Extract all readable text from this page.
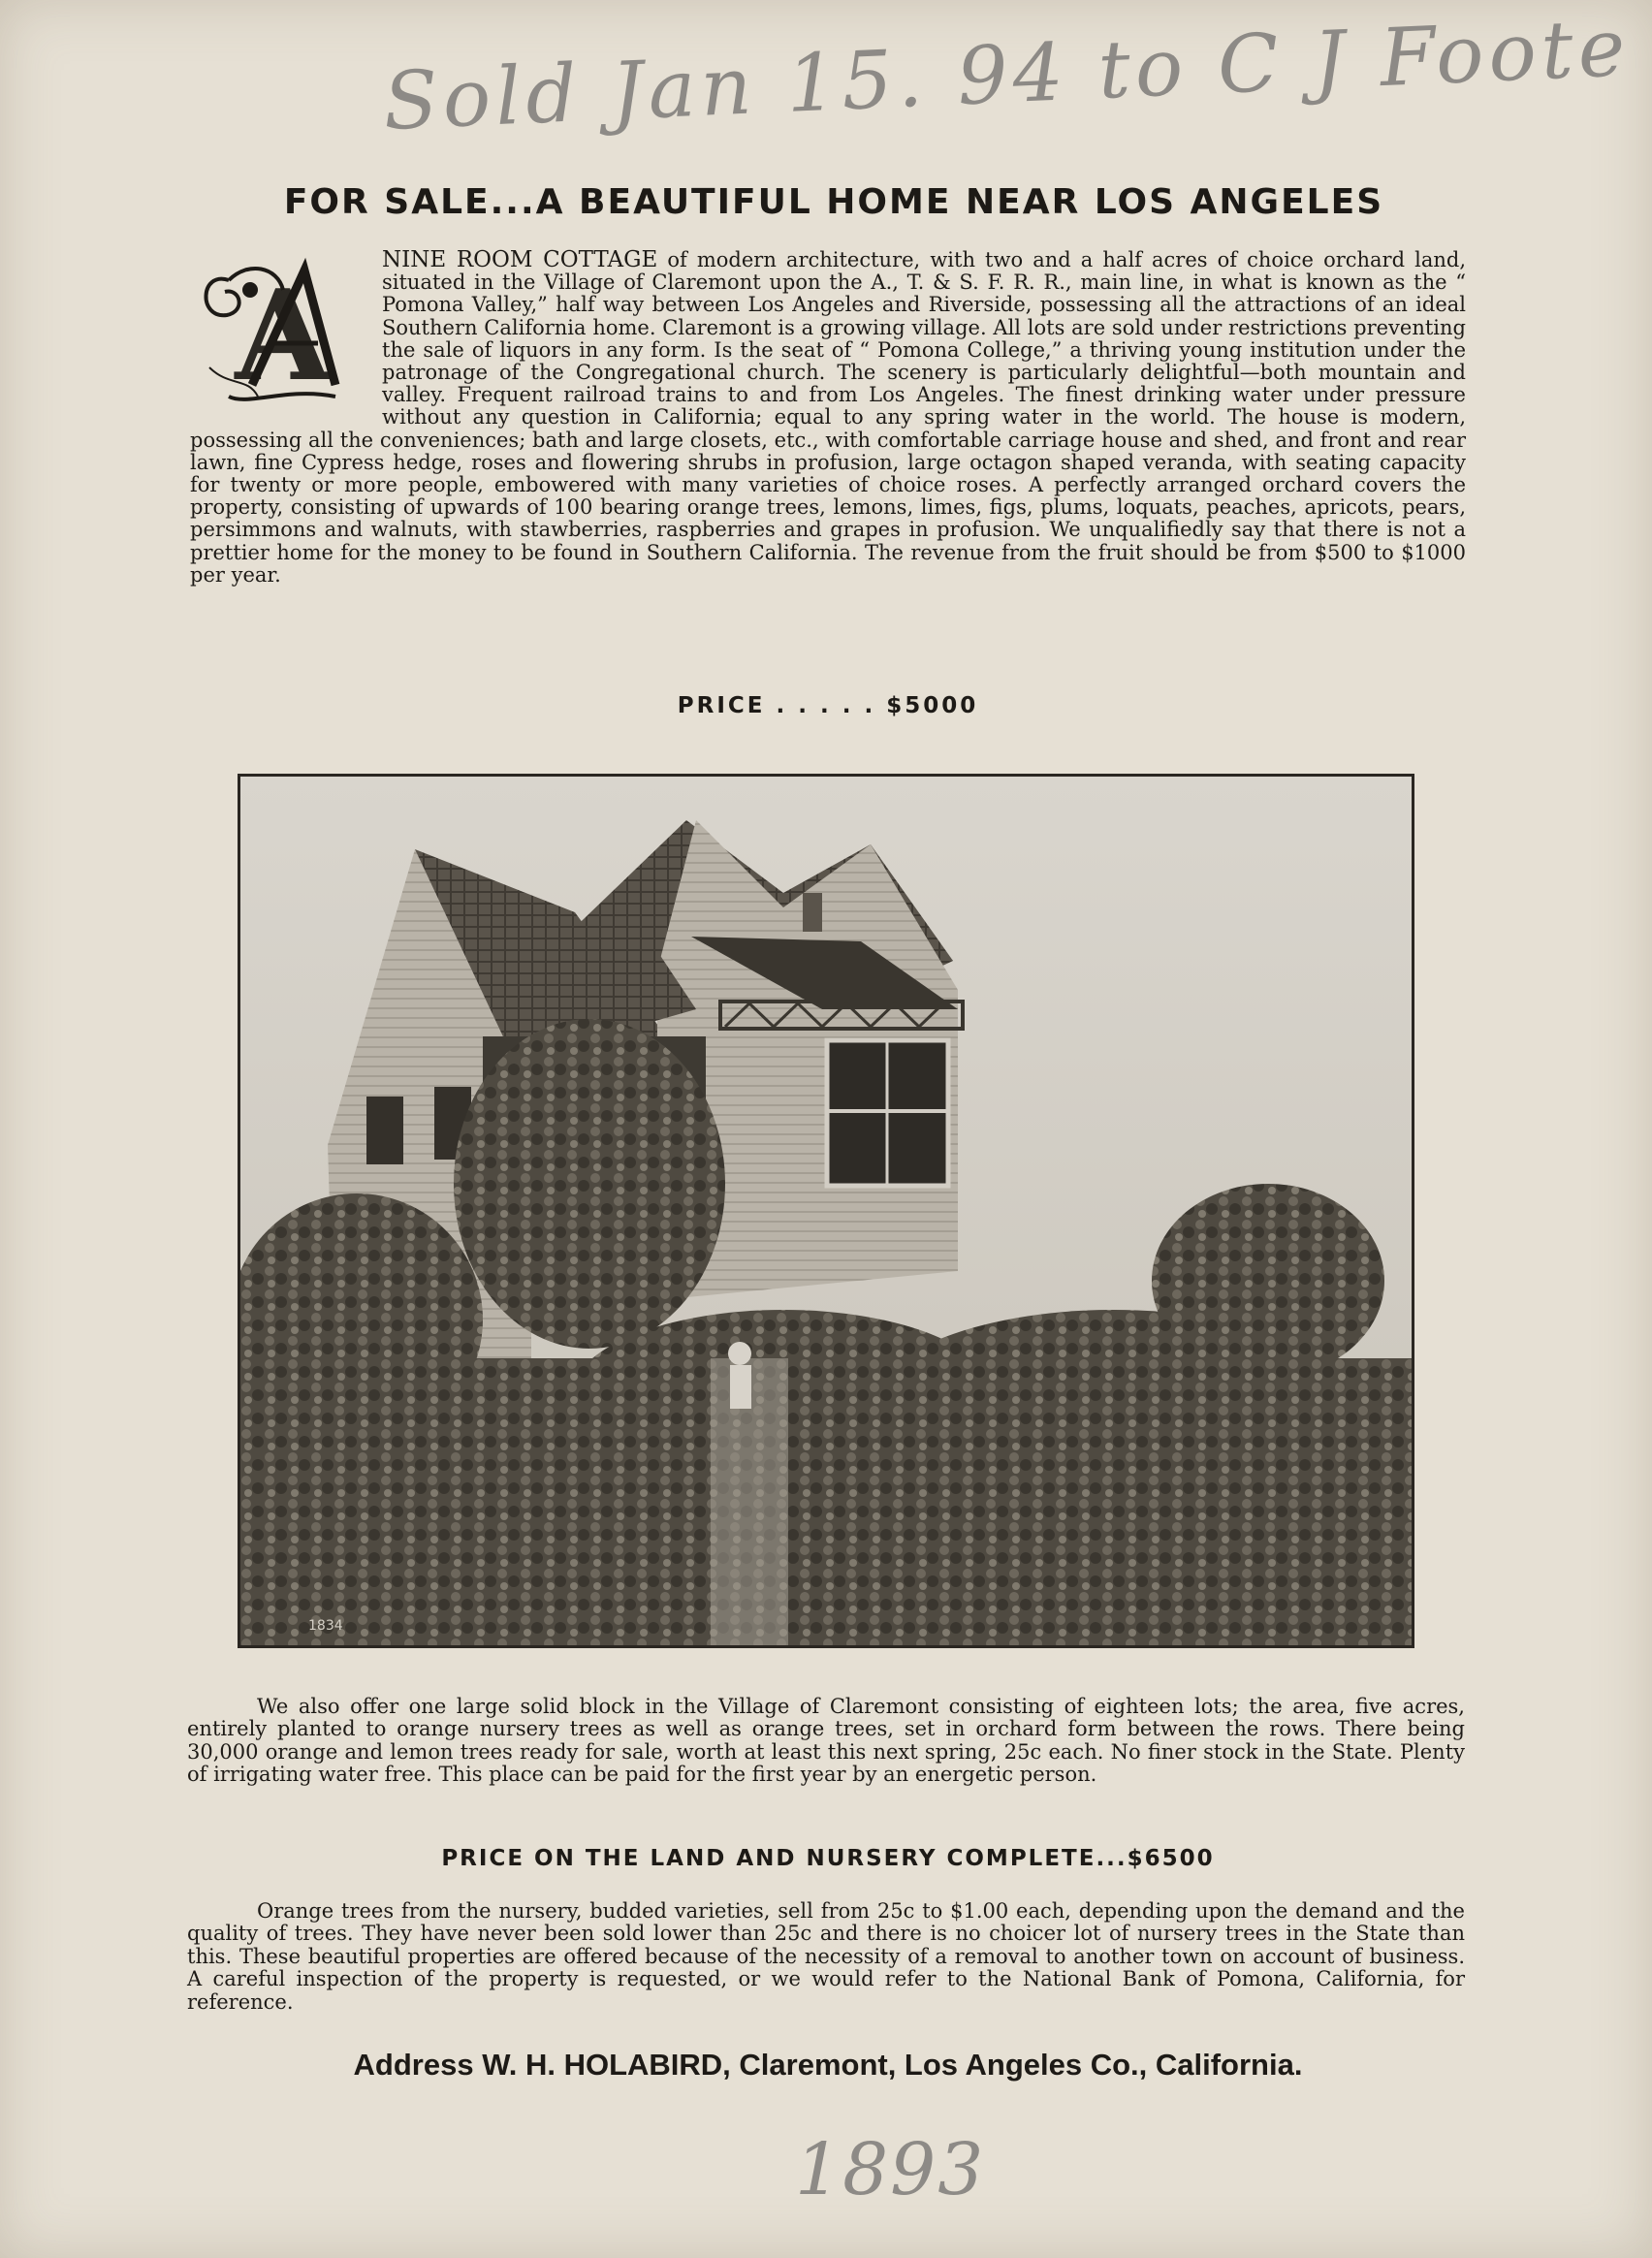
Sold Jan 15. 94 to C J Foote
FOR SALE...A BEAUTIFUL HOME NEAR LOS ANGELES
A
NINE ROOM COTTAGE of modern architecture, with two and a half acres of choice orchard land, situated in the Village of Claremont upon the A., T. & S. F. R. R., main line, in what is known as the “ Pomona Valley,” half way between Los Angeles and Riverside, possessing all the attractions of an ideal Southern California home. Claremont is a growing village. All lots are sold under restrictions preventing the sale of liquors in any form. Is the seat of “ Pomona College,” a thriving young institution under the patronage of the Congregational church. The scenery is particularly delightful—both mountain and valley. Frequent railroad trains to and from Los Angeles. The finest drinking water under pressure without any question in California; equal to any spring water in the world. The house is modern, possessing all the conveniences; bath and large closets, etc., with comfortable carriage house and shed, and front and rear lawn, fine Cypress hedge, roses and flowering shrubs in profusion, large octagon shaped veranda, with seating capacity for twenty or more people, embowered with many varieties of choice roses. A perfectly arranged orchard covers the property, consisting of upwards of 100 bearing orange trees, lemons, limes, figs, plums, loquats, peaches, apricots, pears, persimmons and walnuts, with stawberries, raspberries and grapes in profusion. We unqualifiedly say that there is not a prettier home for the money to be found in Southern California. The revenue from the fruit should be from $500 to $1000 per year.
PRICE . . . . . $5000
1834
We also offer one large solid block in the Village of Claremont consisting of eighteen lots; the area, five acres, entirely planted to orange nursery trees as well as orange trees, set in orchard form between the rows. There being 30,000 orange and lemon trees ready for sale, worth at least this next spring, 25c each. No finer stock in the State. Plenty of irrigating water free. This place can be paid for the first year by an energetic person.
PRICE ON THE LAND AND NURSERY COMPLETE...$6500
Orange trees from the nursery, budded varieties, sell from 25c to $1.00 each, depending upon the demand and the quality of trees. They have never been sold lower than 25c and there is no choicer lot of nursery trees in the State than this. These beautiful properties are offered because of the necessity of a removal to another town on account of business. A careful inspection of the property is requested, or we would refer to the National Bank of Pomona, California, for reference.
Address W. H. HOLABIRD, Claremont, Los Angeles Co., California.
1893
